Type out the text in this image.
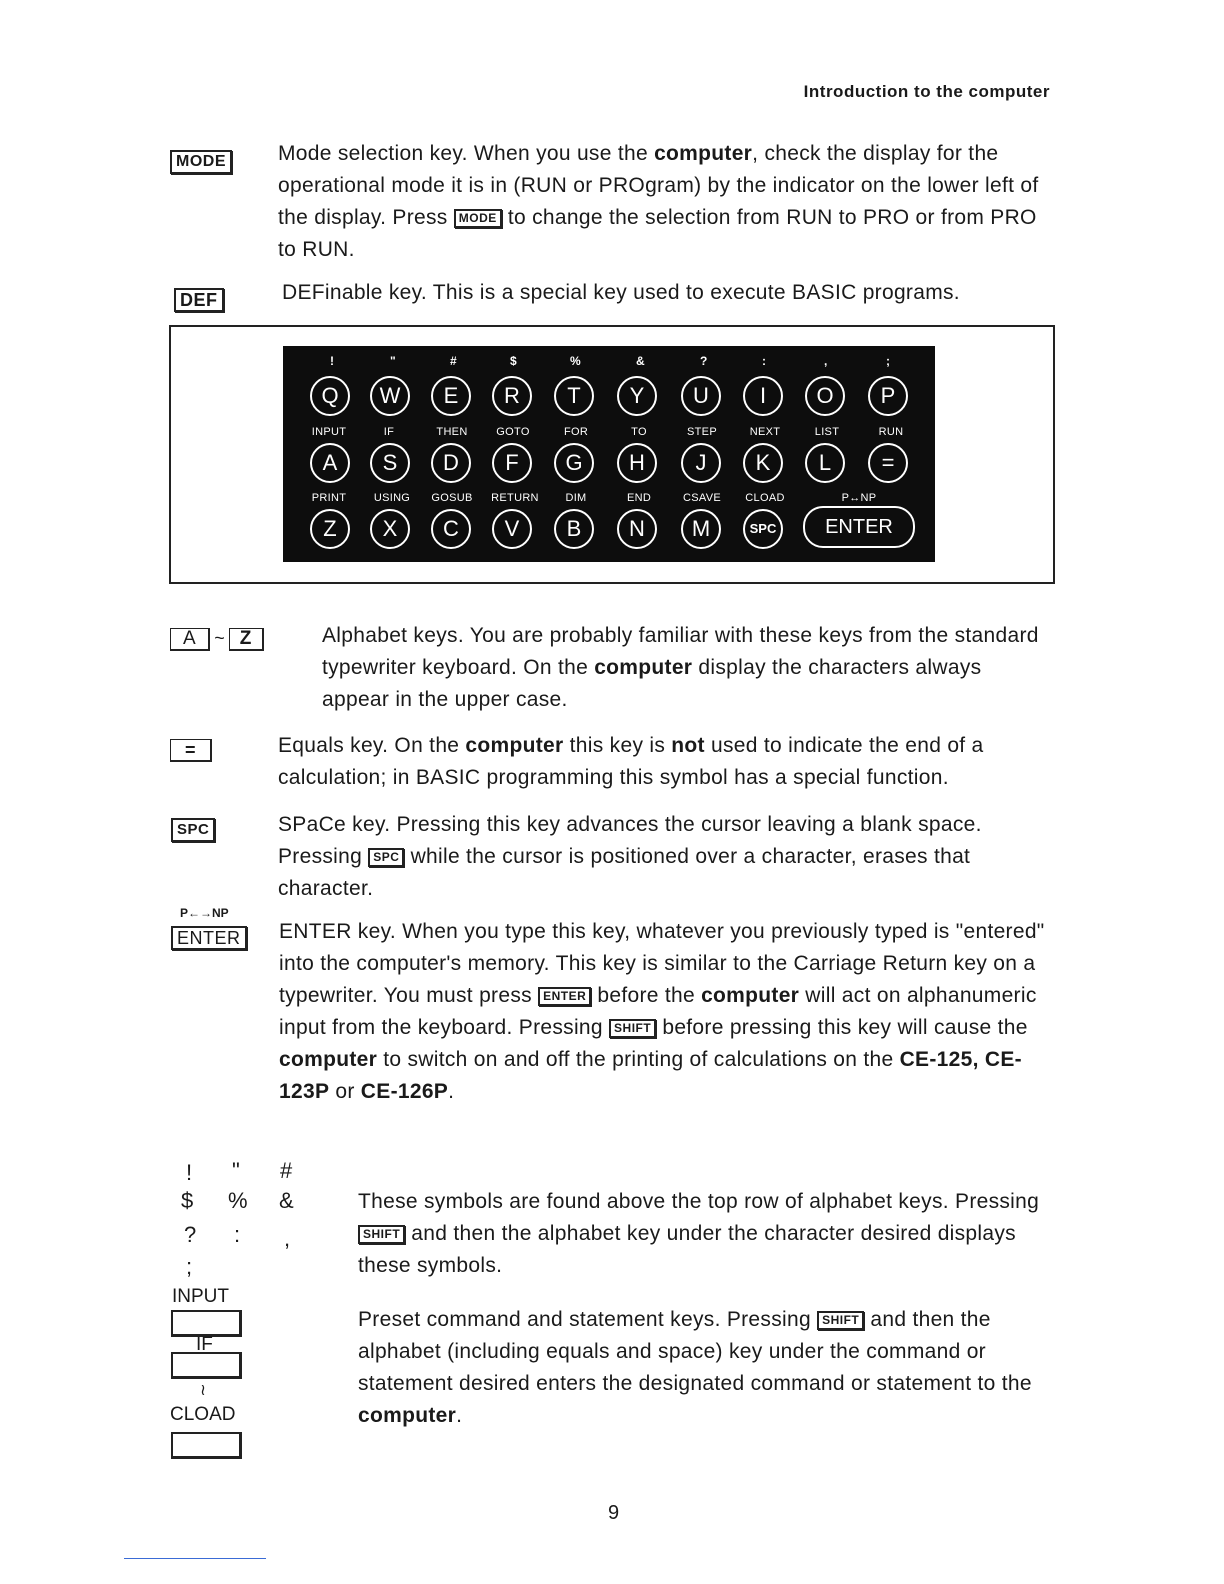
Introduction to the computer
MODE Mode selection key. When you use the computer, check the display for the operational mode it is in (RUN or PROgram) by the indicator on the lower left of the display. Press MODE to change the selection from RUN to PRO or from PRO to RUN.
DEF	DEFinable key. This is a special key used to execute BASIC programs.
!	"	#	$	%	&	?	:	,	;
Q	W	E	R	T	Y	U	I	O	P
INPUT	IF	THEN	GOTO	FOR	TO	STEP	NEXT	LIST	RUN
A	S	D	F	G	H	J	K	L	=
PRINT	USING	GOSUB	RETURN	DIM	END	CSAVE	CLOAD	P↔NP
Z	X	C	V	B	N	M	SPC	ENTER
A ~ Z	Alphabet keys. You are probably familiar with these keys from the standard typewriter keyboard. On the computer display the characters always appear in the upper case.
=	Equals key. On the computer this key is not used to indicate the end of a calculation; in BASIC programming this symbol has a special function.
SPC	SPaCe key. Pressing this key advances the cursor leaving a blank space. Pressing SPC while the cursor is positioned over a character, erases that character.
P←→NP
ENTER ENTER key. When you type this key, whatever you previously typed is "entered" into the computer's memory. This key is similar to the Carriage Return key on a typewriter. You must press ENTER before the computer will act on alphanumeric input from the keyboard. Pressing SHIFT before pressing this key will cause the computer to switch on and off the printing of calculations on the CE-125, CE-123P or CE-126P.
! " #
$ % &
? : ,
;
These symbols are found above the top row of alphabet keys. Pressing SHIFT and then the alphabet key under the character desired displays these symbols.
INPUT
IF
≀
CLOAD
Preset command and statement keys. Pressing SHIFT and then the alphabet (including equals and space) key under the command or statement desired enters the designated command or statement to the computer.
9
